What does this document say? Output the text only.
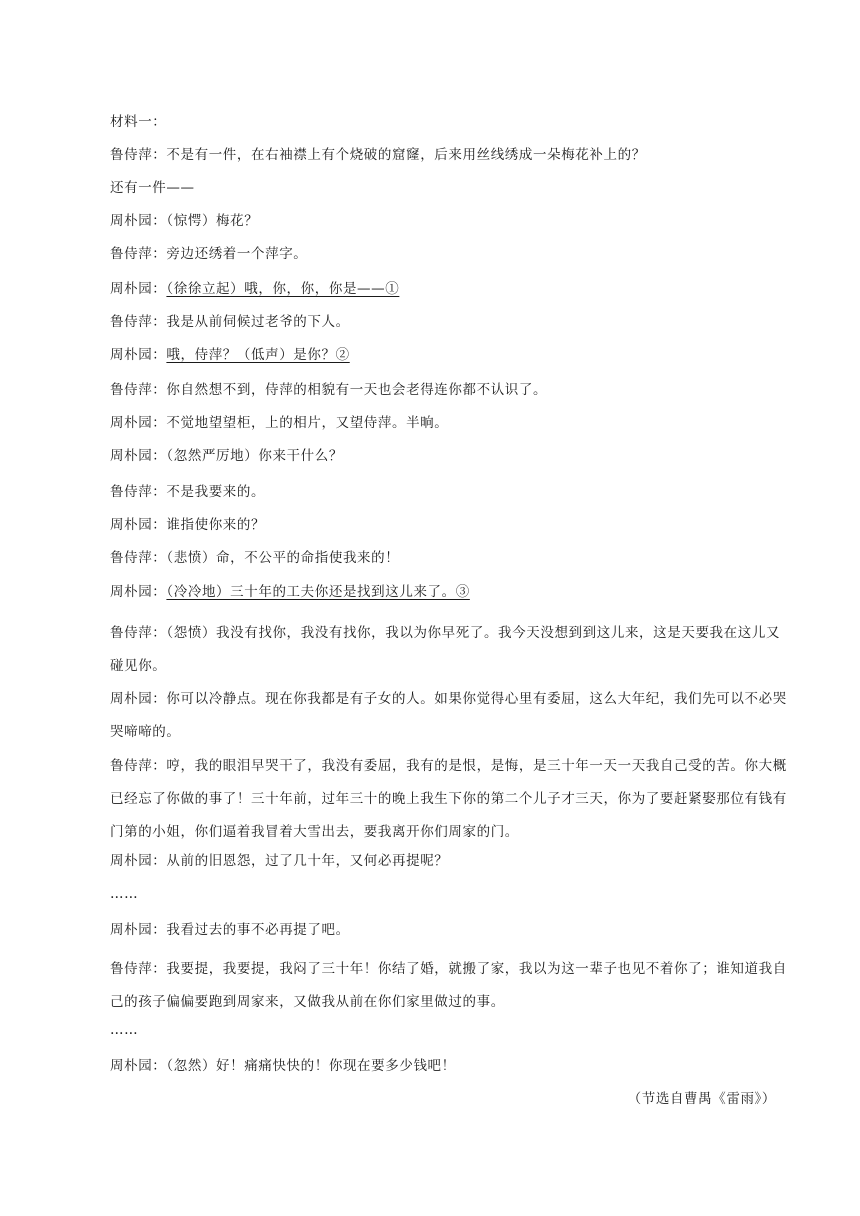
材料一：
鲁侍萍：不是有一件，在右袖襟上有个烧破的窟窿，后来用丝线绣成一朵梅花补上的？
还有一件——
周朴园：（惊愕）梅花？
鲁侍萍：旁边还绣着一个萍字。
周朴园：（徐徐立起）哦，你，你，你是——①
鲁侍萍：我是从前伺候过老爷的下人。
周朴园：哦，侍萍？（低声）是你？②
鲁侍萍：你自然想不到，侍萍的相貌有一天也会老得连你都不认识了。
周朴园：不觉地望望柜，上的相片，又望侍萍。半晌。
周朴园：（忽然严厉地）你来干什么？
鲁侍萍：不是我要来的。
周朴园：谁指使你来的？
鲁侍萍：（悲愤）命，不公平的命指使我来的！
周朴园：（冷冷地）三十年的工夫你还是找到这儿来了。③
鲁侍萍：（怨愤）我没有找你，我没有找你，我以为你早死了。我今天没想到到这儿来，这是天要我在这儿又碰见你。
周朴园：你可以冷静点。现在你我都是有子女的人。如果你觉得心里有委屈，这么大年纪，我们先可以不必哭哭啼啼的。
鲁侍萍：哼，我的眼泪早哭干了，我没有委屈，我有的是恨，是悔，是三十年一天一天我自己受的苦。你大概已经忘了你做的事了！三十年前，过年三十的晚上我生下你的第二个儿子才三天，你为了要赶紧娶那位有钱有门第的小姐，你们逼着我冒着大雪出去，要我离开你们周家的门。
周朴园：从前的旧恩怨，过了几十年，又何必再提呢？
……
周朴园：我看过去的事不必再提了吧。
鲁侍萍：我要提，我要提，我闷了三十年！你结了婚，就搬了家，我以为这一辈子也见不着你了；谁知道我自己的孩子偏偏要跑到周家来，又做我从前在你们家里做过的事。
……
周朴园：（忽然）好！痛痛快快的！你现在要多少钱吧！
（节选自曹禺《雷雨》）
